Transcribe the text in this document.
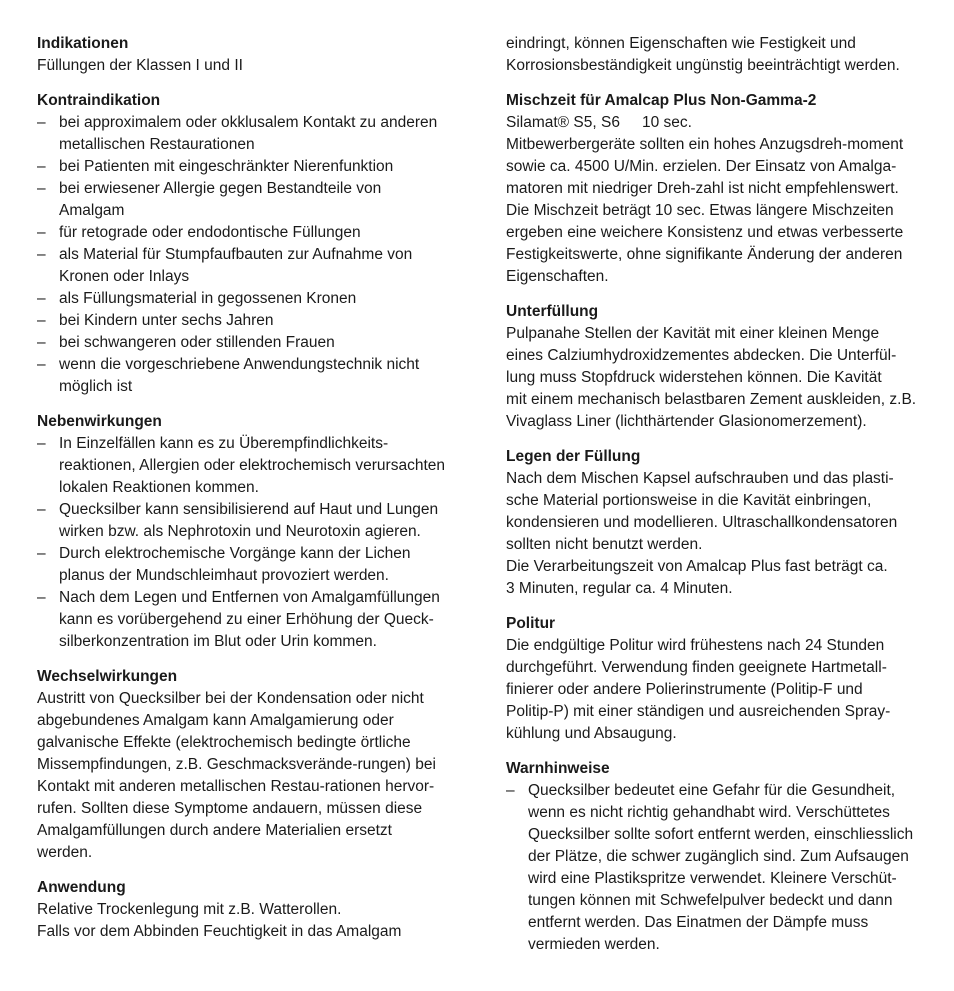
Indikationen
Füllungen der Klassen I und II
Kontraindikation
– bei approximalem oder okklusalem Kontakt zu anderen
metallischen Restaurationen
– bei Patienten mit eingeschränkter Nierenfunktion
– bei erwiesener Allergie gegen Bestandteile von
Amalgam
– für retograde oder endodontische Füllungen
– als Material für Stumpfaufbauten zur Aufnahme von
Kronen oder Inlays
– als Füllungsmaterial in gegossenen Kronen
– bei Kindern unter sechs Jahren
– bei schwangeren oder stillenden Frauen
– wenn die vorgeschriebene Anwendungstechnik nicht
möglich ist
Nebenwirkungen
– In Einzelfällen kann es zu Überempfindlichkeits-
reaktionen, Allergien oder elektrochemisch verursachten
lokalen Reaktionen kommen.
– Quecksilber kann sensibilisierend auf Haut und Lungen
wirken bzw. als Nephrotoxin und Neurotoxin agieren.
– Durch elektrochemische Vorgänge kann der Lichen
planus der Mundschleimhaut provoziert werden.
– Nach dem Legen und Entfernen von Amalgamfüllungen
kann es vorübergehend zu einer Erhöhung der Queck-
silberkonzentration im Blut oder Urin kommen.
Wechselwirkungen
Austritt von Quecksilber bei der Kondensation oder nicht
abgebundenes Amalgam kann Amalgamierung oder
galvanische Effekte (elektrochemisch bedingte örtliche
Missempfindungen, z.B. Geschmacksverände-rungen) bei
Kontakt mit anderen metallischen Restau-rationen hervor-
rufen. Sollten diese Symptome andauern, müssen diese
Amalgamfüllungen durch andere Materialien ersetzt
werden.
Anwendung
Relative Trockenlegung mit z.B. Watterollen.
Falls vor dem Abbinden Feuchtigkeit in das Amalgam
eindringt, können Eigenschaften wie Festigkeit und
Korrosionsbeständigkeit ungünstig beeinträchtigt werden.
Mischzeit für Amalcap Plus Non-Gamma-2
Silamat® S5, S6 10 sec.
Mitbewerbergeräte sollten ein hohes Anzugsdreh-moment
sowie ca. 4500 U/Min. erzielen. Der Einsatz von Amalga-
matoren mit niedriger Dreh-zahl ist nicht empfehlenswert.
Die Mischzeit beträgt 10 sec. Etwas längere Mischzeiten
ergeben eine weichere Konsistenz und etwas verbesserte
Festigkeitswerte, ohne signifikante Änderung der anderen
Eigenschaften.
Unterfüllung
Pulpanahe Stellen der Kavität mit einer kleinen Menge
eines Calziumhydroxidzementes abdecken. Die Unterfül-
lung muss Stopfdruck widerstehen können. Die Kavität
mit einem mechanisch belastbaren Zement auskleiden, z.B.
Vivaglass Liner (lichthärtender Glasionomerzement).
Legen der Füllung
Nach dem Mischen Kapsel aufschrauben und das plasti-
sche Material portionsweise in die Kavität einbringen,
kondensieren und modellieren. Ultraschallkondensatoren
sollten nicht benutzt werden.
Die Verarbeitungszeit von Amalcap Plus fast beträgt ca.
3 Minuten, regular ca. 4 Minuten.
Politur
Die endgültige Politur wird frühestens nach 24 Stunden
durchgeführt. Verwendung finden geeignete Hartmetall-
finierer oder andere Polierinstrumente (Politip-F und
Politip-P) mit einer ständigen und ausreichenden Spray-
kühlung und Absaugung.
Warnhinweise
– Quecksilber bedeutet eine Gefahr für die Gesundheit,
wenn es nicht richtig gehandhabt wird. Verschüttetes
Quecksilber sollte sofort entfernt werden, einschliesslich
der Plätze, die schwer zugänglich sind. Zum Aufsaugen
wird eine Plastikspritze verwendet. Kleinere Verschüt-
tungen können mit Schwefelpulver bedeckt und dann
entfernt werden. Das Einatmen der Dämpfe muss
vermieden werden.
